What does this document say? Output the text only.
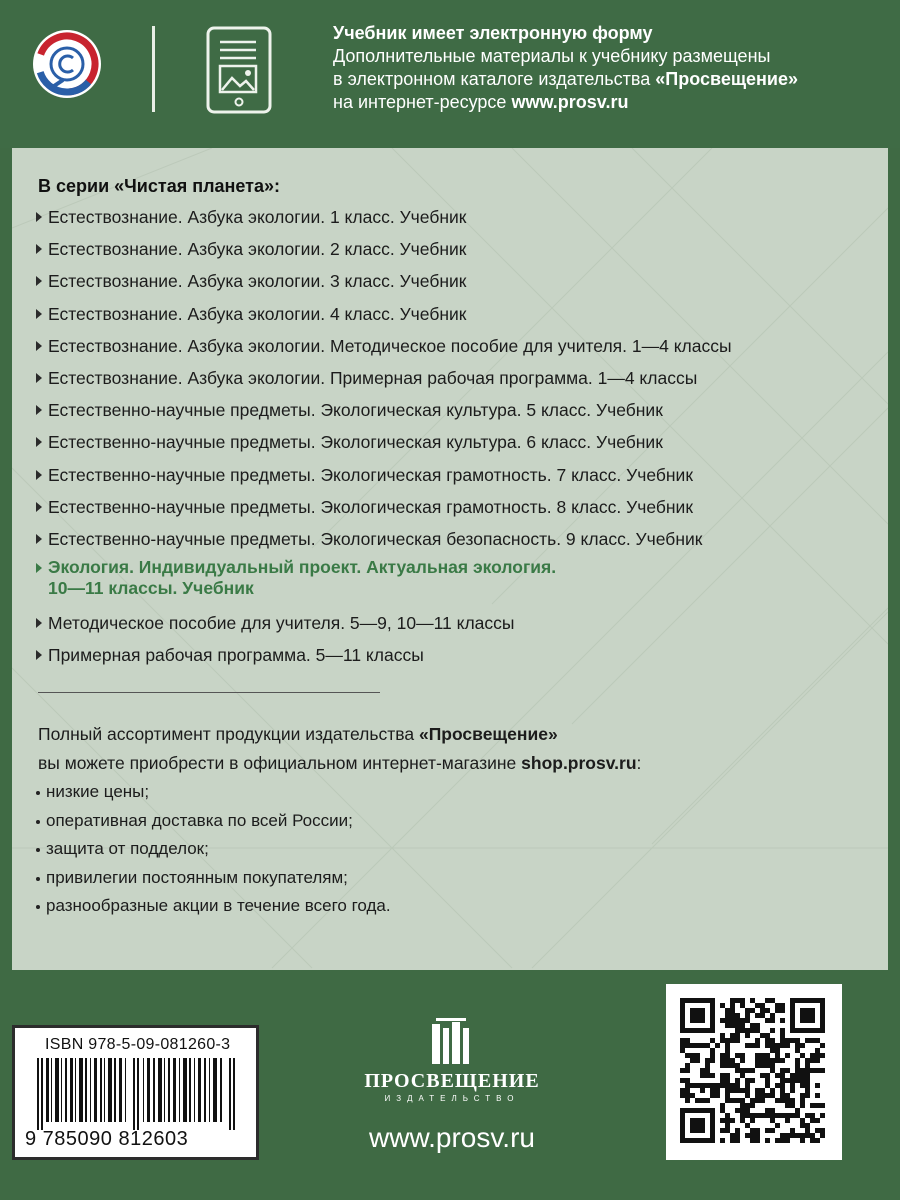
Учебник имеет электронную форму
Дополнительные материалы к учебнику размещены
в электронном каталоге издательства «Просвещение»
на интернет-ресурсе www.prosv.ru
В серии «Чистая планета»:
Естествознание. Азбука экологии. 1 класс. Учебник
Естествознание. Азбука экологии. 2 класс. Учебник
Естествознание. Азбука экологии. 3 класс. Учебник
Естествознание. Азбука экологии. 4 класс. Учебник
Естествознание. Азбука экологии. Методическое пособие для учителя. 1—4 классы
Естествознание. Азбука экологии. Примерная рабочая программа. 1—4 классы
Естественно-научные предметы. Экологическая культура. 5 класс. Учебник
Естественно-научные предметы. Экологическая культура. 6 класс. Учебник
Естественно-научные предметы. Экологическая грамотность. 7 класс. Учебник
Естественно-научные предметы. Экологическая грамотность. 8 класс. Учебник
Естественно-научные предметы. Экологическая безопасность. 9 класс. Учебник
Экология. Индивидуальный проект. Актуальная экология.
10—11 классы. Учебник
Методическое пособие для учителя. 5—9, 10—11 классы
Примерная рабочая программа. 5—11 классы
Полный ассортимент продукции издательства «Просвещение»
вы можете приобрести в официальном интернет-магазине shop.prosv.ru:
низкие цены;
оперативная доставка по всей России;
защита от подделок;
привилегии постоянным покупателям;
разнообразные акции в течение всего года.
ISBN 978-5-09-081260-3
9 785090 812603
ПРОСВЕЩЕНИЕ
ИЗДАТЕЛЬСТВО
www.prosv.ru
